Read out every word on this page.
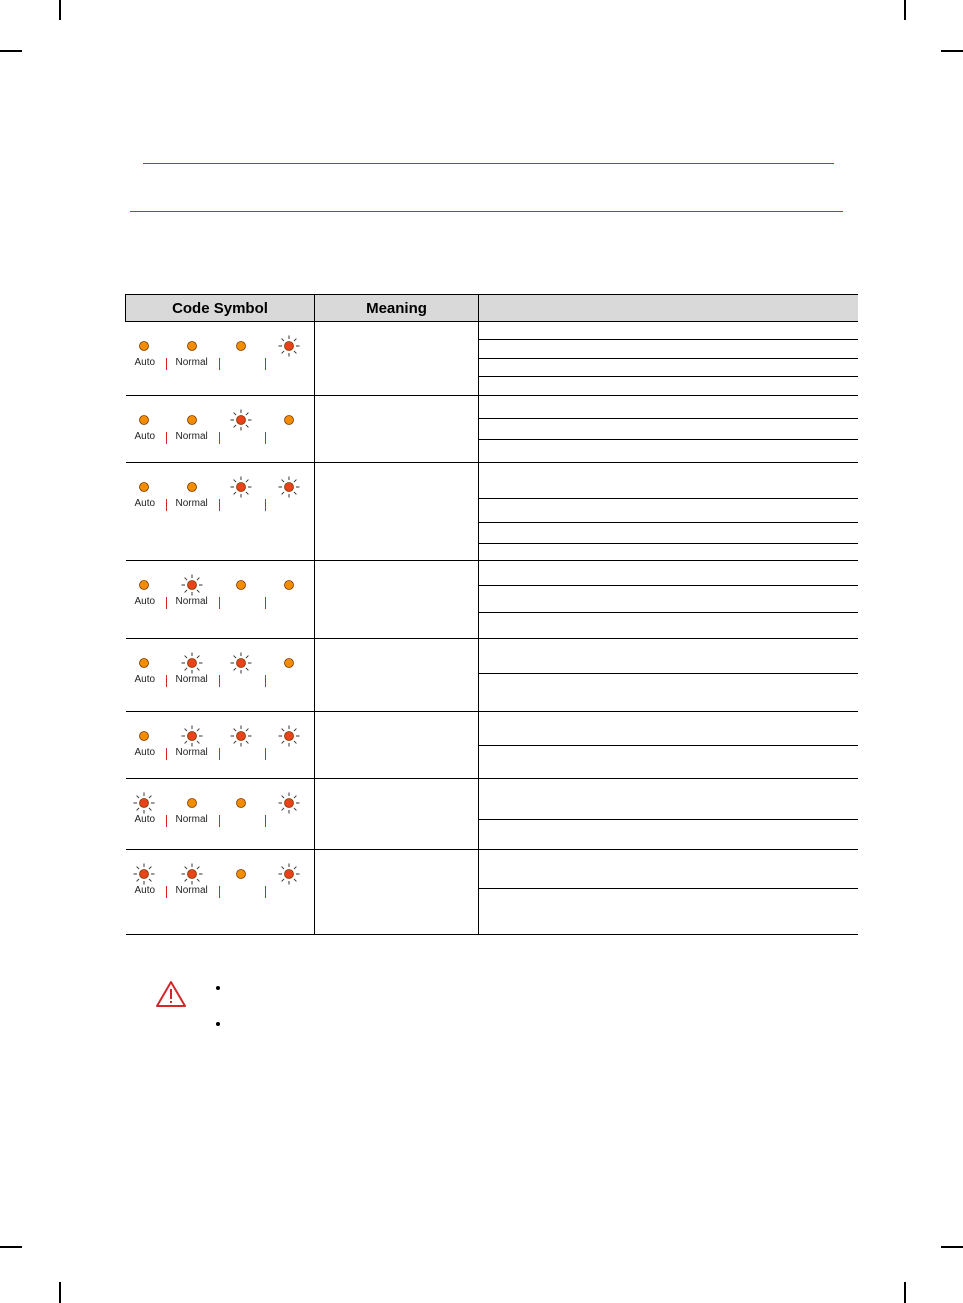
Code Symbol	Meaning	

Auto Normal		

Auto Normal		

Auto Normal		

Auto Normal		

Auto Normal		

Auto Normal		

Auto Normal		

Auto Normal		
